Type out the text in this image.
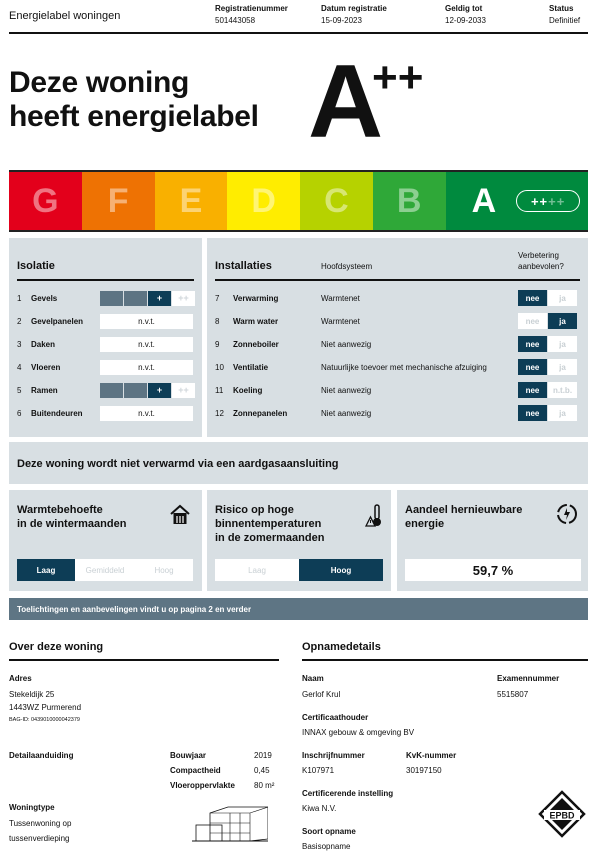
Energielabel woningen
Registratienummer
501443058
Datum registratie
15-09-2023
Geldig tot
12-09-2033
Status
Definitief
Deze woning
heeft energielabel A
++
G F E D C B A	++ ++
Isolatie
1	Gevels	+	++
2	Gevelpanelen	n.v.t.
3	Daken	n.v.t.
4	Vloeren	n.v.t.
5	Ramen	+	++
6	Buitendeuren	n.v.t.
Installaties	Hoofdsysteem
Verbetering aanbevolen?
7	Verwarming	Warmtenet	nee	ja
8	Warm water	Warmtenet	nee	ja
9	Zonneboiler	Niet aanwezig	nee	ja
10	Ventilatie	Natuurlijke toevoer met mechanische afzuiging	nee	ja
11	Koeling	Niet aanwezig	nee	n.t.b.
12	Zonnepanelen	Niet aanwezig	nee	ja
Deze woning wordt niet verwarmd via een aardgasaansluiting
Warmtebehoefte
in de wintermaanden
Laag	Gemiddeld	Hoog
Risico op hoge
binnentemperaturen
in de zomermaanden
Laag	Hoog
Aandeel hernieuwbare
energie
59,7 %
Toelichtingen en aanbevelingen vindt u op pagina 2 en verder
Over deze woning
Adres
Stekeldijk 25
1443WZ Purmerend
BAG-ID: 0439010000042379
Detailaanduiding	Bouwjaar	2019
Compactheid	0,45
Vloeroppervlakte 80 m²
Woningtype
Tussenwoning op
tussenverdieping
Opnamedetails
Naam
Gerlof Krul
Examennummer
5515807
Certificaathouder
INNAX gebouw & omgeving BV
Inschrijfnummer
K107971
KvK-nummer
30197150
Certificerende instelling
Kiwa N.V.
Soort opname
Basisopname
EPBD
